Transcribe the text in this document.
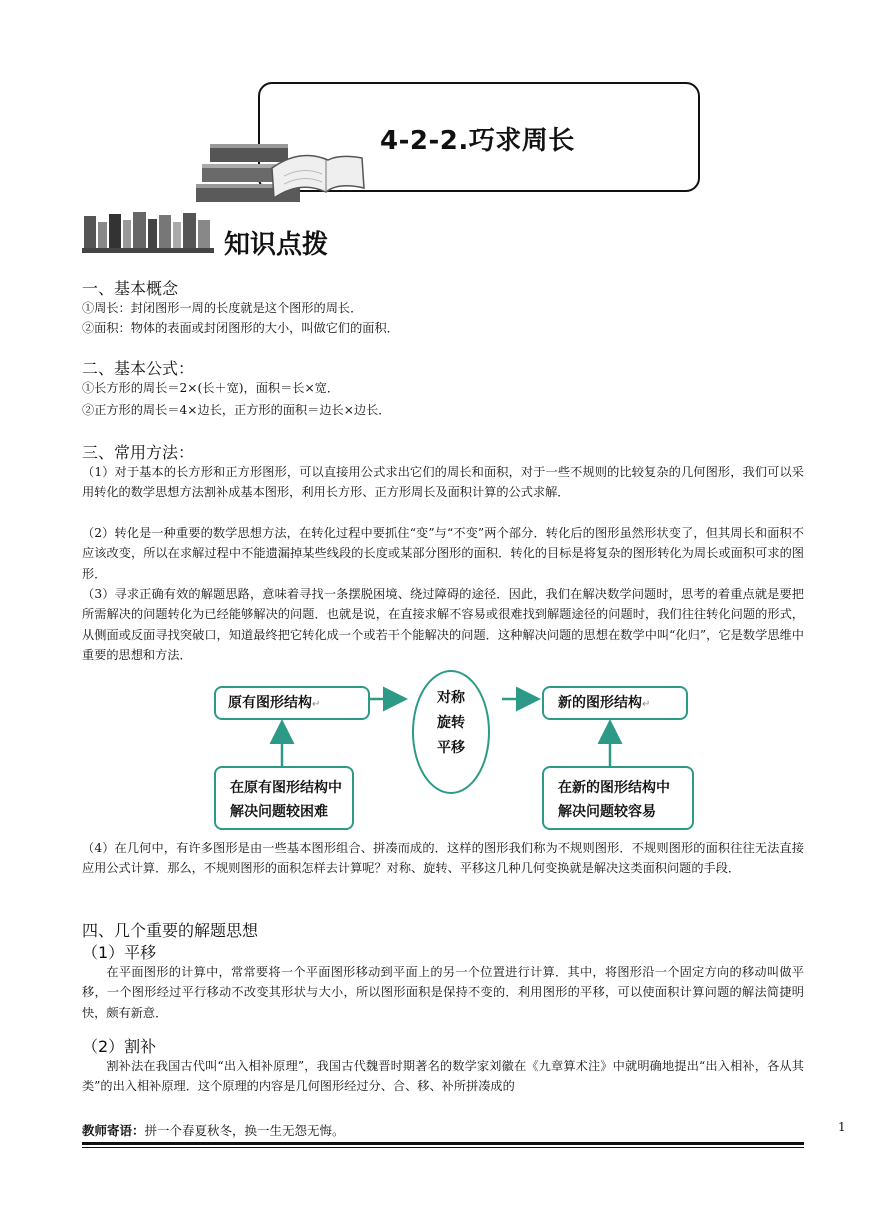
4-2-2.巧求周长
知识点拨
一、基本概念
①周长：封闭图形一周的长度就是这个图形的周长．
②面积：物体的表面或封闭图形的大小，叫做它们的面积．
二、基本公式：
①长方形的周长＝2×(长＋宽)，面积＝长×宽．
②正方形的周长＝4×边长，正方形的面积＝边长×边长．
三、常用方法：
（1）对于基本的长方形和正方形图形，可以直接用公式求出它们的周长和面积，对于一些不规则的比较复杂的几何图形，我们可以采用转化的数学思想方法割补成基本图形，利用长方形、正方形周长及面积计算的公式求解．
（2）转化是一种重要的数学思想方法，在转化过程中要抓住“变”与“不变”两个部分．转化后的图形虽然形状变了，但其周长和面积不应该改变，所以在求解过程中不能遗漏掉某些线段的长度或某部分图形的面积．转化的目标是将复杂的图形转化为周长或面积可求的图形．
（3）寻求正确有效的解题思路，意味着寻找一条摆脱困境、绕过障碍的途径．因此，我们在解决数学问题时，思考的着重点就是要把所需解决的问题转化为已经能够解决的问题．也就是说，在直接求解不容易或很难找到解题途径的问题时，我们往往转化问题的形式，从侧面或反面寻找突破口，知道最终把它转化成一个或若干个能解决的问题．这种解决问题的思想在数学中叫“化归”，它是数学思维中重要的思想和方法．
原有图形结构↵	对称
旋转
平移
新的图形结构↵
在原有图形结构中
解决问题较困难
在新的图形结构中
解决问题较容易
（4）在几何中，有许多图形是由一些基本图形组合、拼凑而成的．这样的图形我们称为不规则图形．不规则图形的面积往往无法直接应用公式计算．那么，不规则图形的面积怎样去计算呢？对称、旋转、平移这几种几何变换就是解决这类面积问题的手段．
四、几个重要的解题思想
（1）平移
在平面图形的计算中，常常要将一个平面图形移动到平面上的另一个位置进行计算．其中，将图形沿一个固定方向的移动叫做平移，一个图形经过平行移动不改变其形状与大小，所以图形面积是保持不变的．利用图形的平移，可以使面积计算问题的解法简捷明快，颇有新意．
（2）割补
割补法在我国古代叫“出入相补原理”，我国古代魏晋时期著名的数学家刘徽在《九章算术注》中就明确地提出“出入相补，各从其类”的出入相补原理．这个原理的内容是几何图形经过分、合、移、补所拼凑成的
教师寄语：拼一个春夏秋冬，换一生无怨无悔。	1
